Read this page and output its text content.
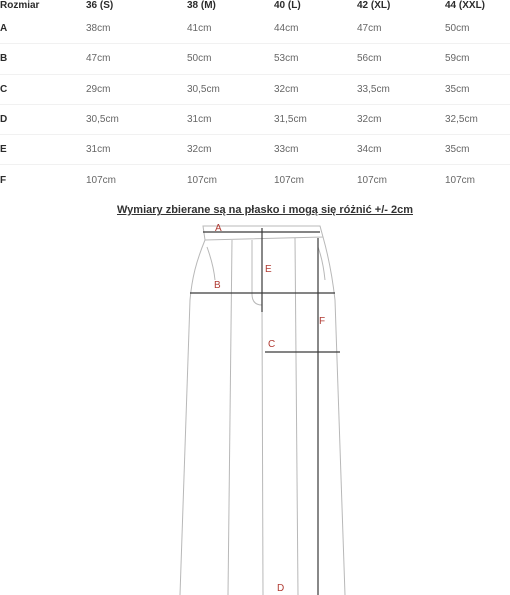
Rozmiar	36 (S)	38 (M)	40 (L)	42 (XL)	44 (XXL)
A	38cm	41cm	44cm	47cm	50cm
B	47cm	50cm	53cm	56cm	59cm
C	29cm	30,5cm	32cm	33,5cm	35cm
D	30,5cm	31cm	31,5cm	32cm	32,5cm
E	31cm	32cm	33cm	34cm	35cm
F	107cm	107cm	107cm	107cm	107cm
Wymiary zbierane są na płasko i mogą się różnić +/- 2cm
A
B
C
D
E
F
